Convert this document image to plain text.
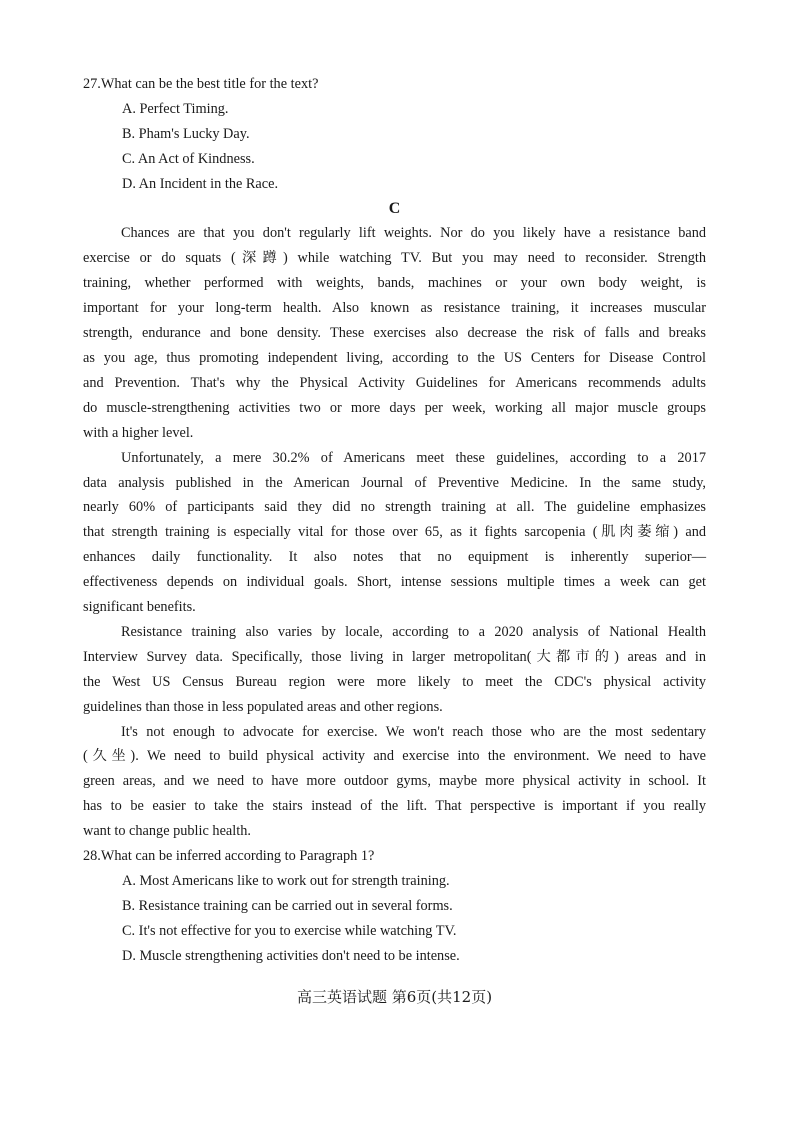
27.What can be the best title for the text?
A. Perfect Timing.
B. Pham's Lucky Day.
C. An Act of Kindness.
D. An Incident in the Race.
C
Chances are that you don't regularly lift weights. Nor do you likely have a resistance band
exercise or do squats (深蹲) while watching TV. But you may need to reconsider. Strength
training, whether performed with weights, bands, machines or your own body weight, is
important for your long-term health. Also known as resistance training, it increases muscular
strength, endurance and bone density. These exercises also decrease the risk of falls and breaks
as you age, thus promoting independent living, according to the US Centers for Disease Control
and Prevention. That's why the Physical Activity Guidelines for Americans recommends adults
do muscle-strengthening activities two or more days per week, working all major muscle groups
with a higher level.
Unfortunately, a mere 30.2% of Americans meet these guidelines, according to a 2017
data analysis published in the American Journal of Preventive Medicine. In the same study,
nearly 60% of participants said they did no strength training at all. The guideline emphasizes
that strength training is especially vital for those over 65, as it fights sarcopenia (肌肉萎缩) and
enhances daily functionality. It also notes that no equipment is inherently superior—
effectiveness depends on individual goals. Short, intense sessions multiple times a week can get
significant benefits.
Resistance training also varies by locale, according to a 2020 analysis of National Health
Interview Survey data. Specifically, those living in larger metropolitan(大都市的) areas and in
the West US Census Bureau region were more likely to meet the CDC's physical activity
guidelines than those in less populated areas and other regions.
It's not enough to advocate for exercise. We won't reach those who are the most sedentary
(久坐). We need to build physical activity and exercise into the environment. We need to have
green areas, and we need to have more outdoor gyms, maybe more physical activity in school. It
has to be easier to take the stairs instead of the lift. That perspective is important if you really
want to change public health.
28.What can be inferred according to Paragraph 1?
A. Most Americans like to work out for strength training.
B. Resistance training can be carried out in several forms.
C. It's not effective for you to exercise while watching TV.
D. Muscle strengthening activities don't need to be intense.
高三英语试题 第6页(共12页)
